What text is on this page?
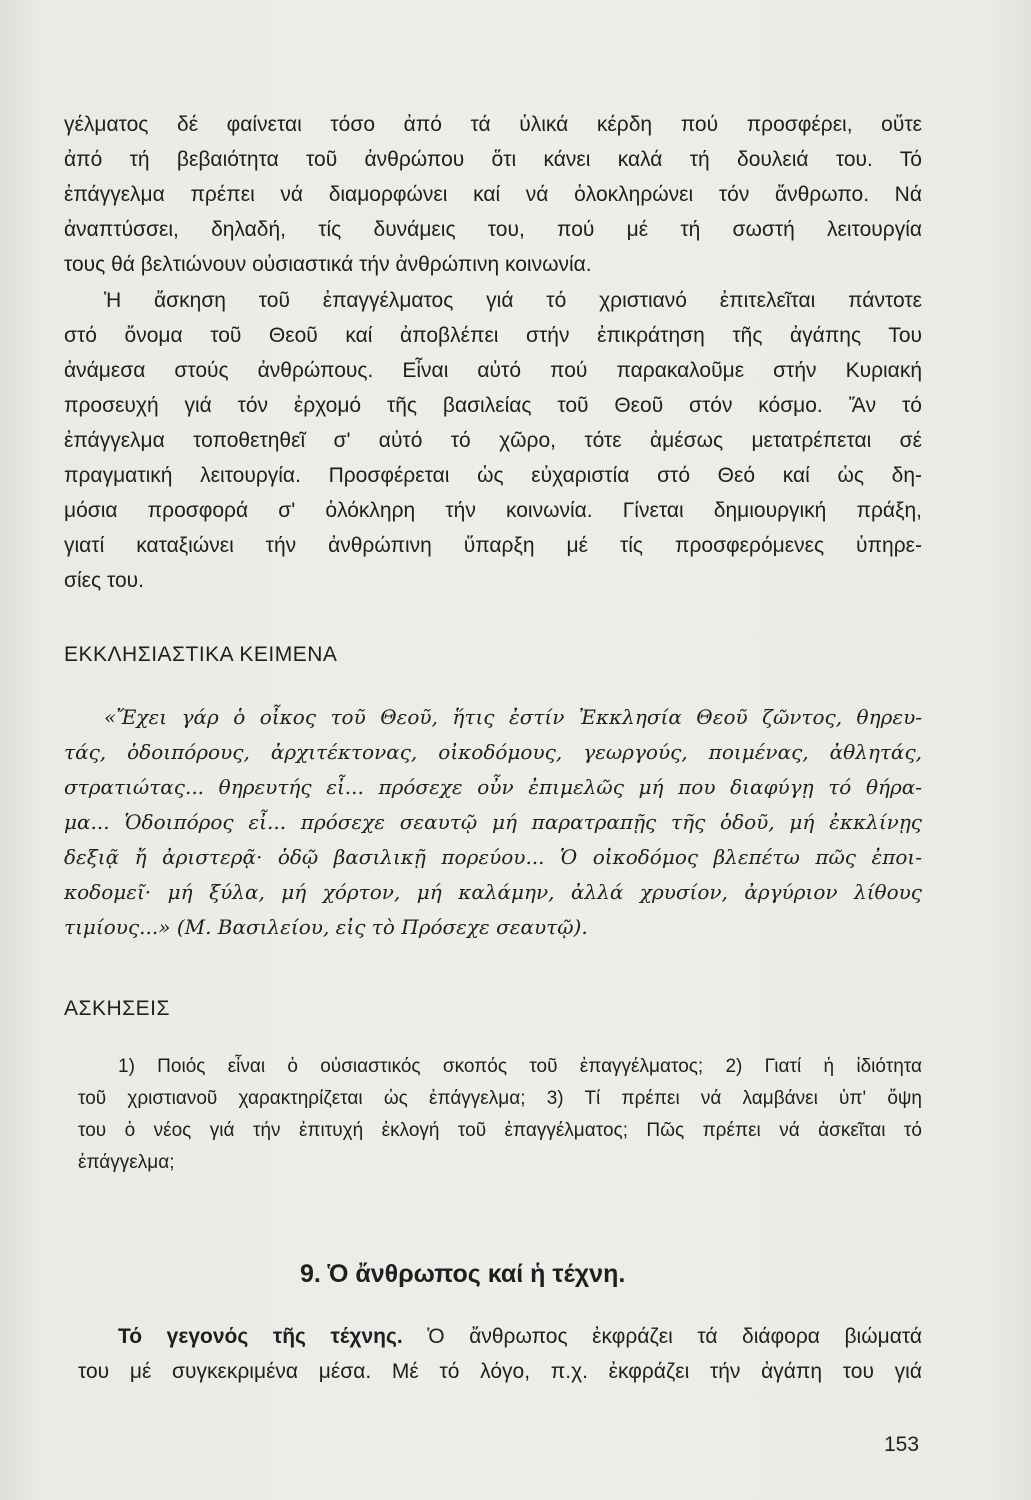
γέλματος δέ φαίνεται τόσο ἀπό τά ὑλικά κέρδη πού προσφέρει, οὔτε
ἀπό τή βεβαιότητα τοῦ ἀνθρώπου ὅτι κάνει καλά τή δουλειά του. Τό
ἐπάγγελμα πρέπει νά διαμορφώνει καί νά ὁλοκληρώνει τόν ἄνθρωπο. Νά
ἀναπτύσσει, δηλαδή, τίς δυνάμεις του, πού μέ τή σωστή λειτουργία
τους θά βελτιώνουν οὐσιαστικά τήν ἀνθρώπινη κοινωνία.
Ἡ ἄσκηση τοῦ ἐπαγγέλματος γιά τό χριστιανό ἐπιτελεῖται πάντοτε
στό ὄνομα τοῦ Θεοῦ καί ἀποβλέπει στήν ἐπικράτηση τῆς ἀγάπης Του
ἀνάμεσα στούς ἀνθρώπους. Εἶναι αὐτό πού παρακαλοῦμε στήν Κυριακή
προσευχή γιά τόν ἐρχομό τῆς βασιλείας τοῦ Θεοῦ στόν κόσμο. Ἄν τό
ἐπάγγελμα τοποθετηθεῖ σ' αὐτό τό χῶρο, τότε ἀμέσως μετατρέπεται σέ
πραγματική λειτουργία. Προσφέρεται ὡς εὐχαριστία στό Θεό καί ὡς δη-
μόσια προσφορά σ' ὁλόκληρη τήν κοινωνία. Γίνεται δημιουργική πράξη,
γιατί καταξιώνει τήν ἀνθρώπινη ὕπαρξη μέ τίς προσφερόμενες ὑπηρε-
σίες του.
ΕΚΚΛΗΣΙΑΣΤΙΚΑ ΚΕΙΜΕΝΑ
«Ἔχει γάρ ὁ οἶκος τοῦ Θεοῦ, ἥτις ἐστίν Ἐκκλησία Θεοῦ ζῶντος, θηρευ-
τάς, ὁδοιπόρους, ἀρχιτέκτονας, οἰκοδόμους, γεωργούς, ποιμένας, ἀθλητάς,
στρατιώτας... θηρευτής εἶ... πρόσεχε οὖν ἐπιμελῶς μή που διαφύγῃ τό θήρα-
μα... Ὁδοιπόρος εἶ... πρόσεχε σεαυτῷ μή παρατραπῇς τῆς ὁδοῦ, μή ἐκκλίνῃς
δεξιᾷ ἤ ἀριστερᾷ· ὁδῷ βασιλικῇ πορεύου... Ὁ οἰκοδόμος βλεπέτω πῶς ἐποι-
κοδομεῖ· μή ξύλα, μή χόρτον, μή καλάμην, ἀλλά χρυσίον, ἀργύριον λίθους
τιμίους...» (Μ. Βασιλείου, εἰς τὸ Πρόσεχε σεαυτῷ).
ΑΣΚΗΣΕΙΣ
1) Ποιός εἶναι ὁ οὐσιαστικός σκοπός τοῦ ἐπαγγέλματος; 2) Γιατί ἡ ἰδιότητα
τοῦ χριστιανοῦ χαρακτηρίζεται ὡς ἐπάγγελμα; 3) Τί πρέπει νά λαμβάνει ὑπ' ὄψη
του ὁ νέος γιά τήν ἐπιτυχή ἐκλογή τοῦ ἐπαγγέλματος; Πῶς πρέπει νά ἀσκεῖται τό
ἐπάγγελμα;
9. Ὁ ἄνθρωπος καί ἡ τέχνη.
Τό γεγονός τῆς τέχνης. Ὁ ἄνθρωπος ἐκφράζει τά διάφορα βιώματά
του μέ συγκεκριμένα μέσα. Μέ τό λόγο, π.χ. ἐκφράζει τήν ἀγάπη του γιά
153
